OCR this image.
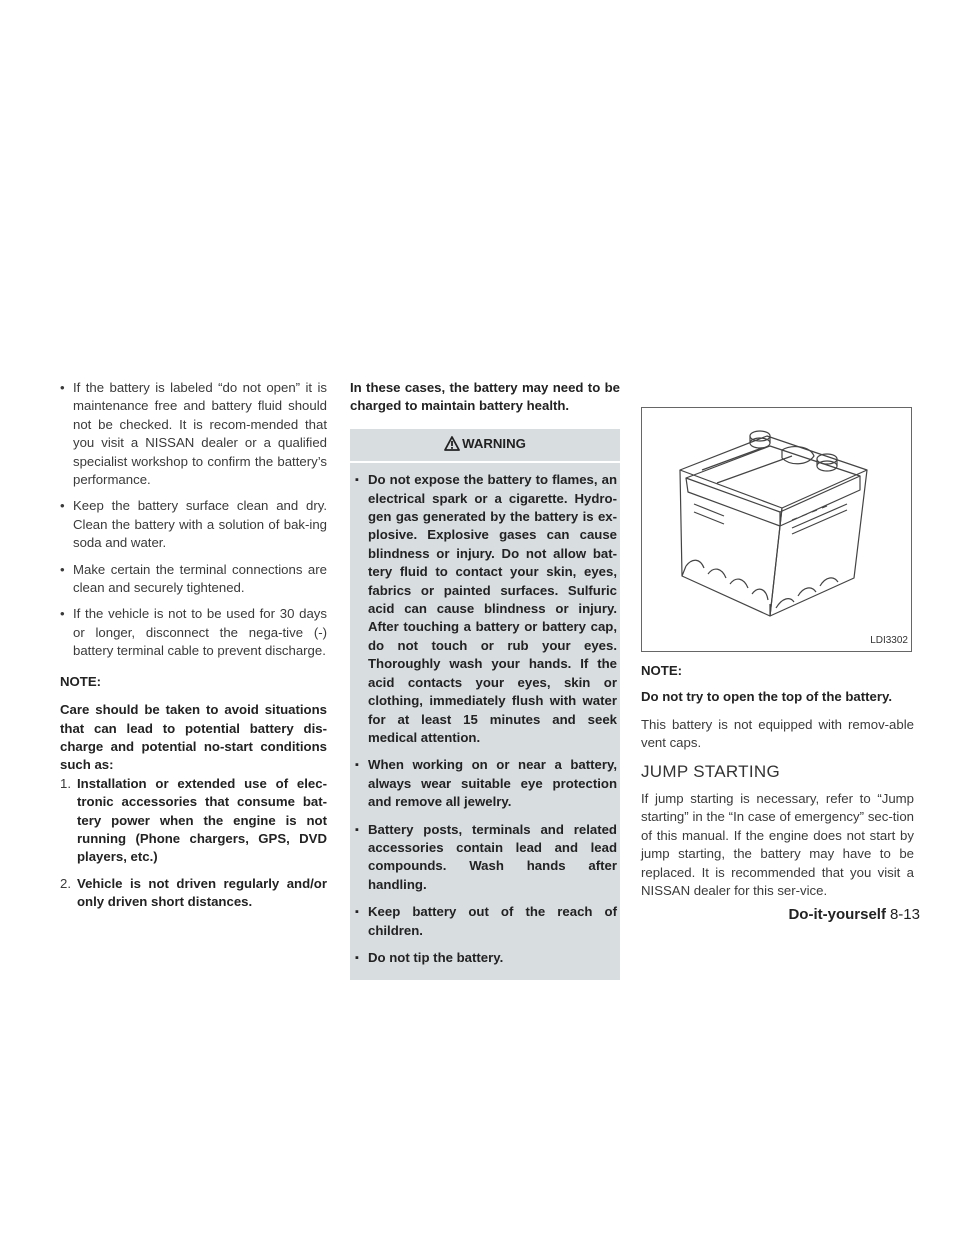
• If the battery is labeled “do not open” it is maintenance free and battery fluid should not be checked. It is recom-mended that you visit a NISSAN dealer or a qualified specialist workshop to confirm the battery’s performance.
• Keep the battery surface clean and dry. Clean the battery with a solution of bak-ing soda and water.
• Make certain the terminal connections are clean and securely tightened.
• If the vehicle is not to be used for 30 days or longer, disconnect the nega-tive (-) battery terminal cable to prevent discharge.
NOTE:
Care should be taken to avoid situations that can lead to potential battery dis-charge and potential no-start conditions such as:
1. Installation or extended use of elec-tronic accessories that consume bat-tery power when the engine is not running (Phone chargers, GPS, DVD players, etc.)
2. Vehicle is not driven regularly and/or only driven short distances.
In these cases, the battery may need to be charged to maintain battery health.
WARNING
▪ Do not expose the battery to flames, an electrical spark or a cigarette. Hydro-gen gas generated by the battery is ex-plosive. Explosive gases can cause blindness or injury. Do not allow bat-tery fluid to contact your skin, eyes, fabrics or painted surfaces. Sulfuric acid can cause blindness or injury. After touching a battery or battery cap, do not touch or rub your eyes. Thoroughly wash your hands. If the acid contacts your eyes, skin or clothing, immediately flush with water for at least 15 minutes and seek medical attention.
▪ When working on or near a battery, always wear suitable eye protection and remove all jewelry.
▪ Battery posts, terminals and related accessories contain lead and lead compounds. Wash hands after handling.
▪ Keep battery out of the reach of children.
▪ Do not tip the battery.
LDI3302
NOTE:
Do not try to open the top of the battery.
This battery is not equipped with remov-able vent caps.
JUMP STARTING
If jump starting is necessary, refer to “Jump starting” in the “In case of emergency” sec-tion of this manual. If the engine does not start by jump starting, the battery may have to be replaced. It is recommended that you visit a NISSAN dealer for this ser-vice.
Do-it-yourself 8-13
